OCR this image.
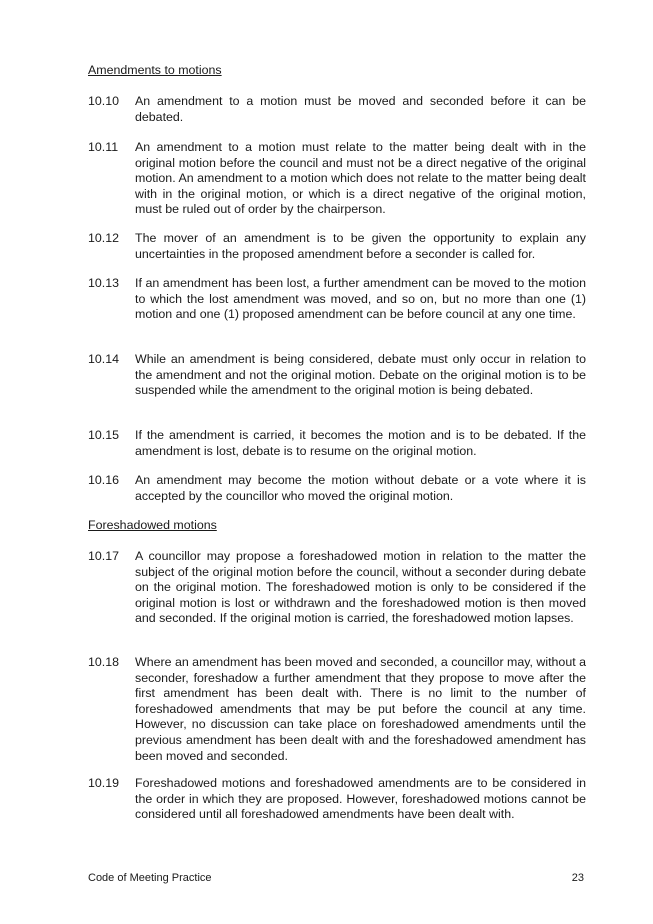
Amendments to motions
10.10	An amendment to a motion must be moved and seconded before it can be debated.
10.11	An amendment to a motion must relate to the matter being dealt with in the original motion before the council and must not be a direct negative of the original motion. An amendment to a motion which does not relate to the matter being dealt with in the original motion, or which is a direct negative of the original motion, must be ruled out of order by the chairperson.
10.12	The mover of an amendment is to be given the opportunity to explain any uncertainties in the proposed amendment before a seconder is called for.
10.13	If an amendment has been lost, a further amendment can be moved to the motion to which the lost amendment was moved, and so on, but no more than one (1) motion and one (1) proposed amendment can be before council at any one time.
10.14	While an amendment is being considered, debate must only occur in relation to the amendment and not the original motion. Debate on the original motion is to be suspended while the amendment to the original motion is being debated.
10.15	If the amendment is carried, it becomes the motion and is to be debated. If the amendment is lost, debate is to resume on the original motion.
10.16	An amendment may become the motion without debate or a vote where it is accepted by the councillor who moved the original motion.
Foreshadowed motions
10.17	A councillor may propose a foreshadowed motion in relation to the matter the subject of the original motion before the council, without a seconder during debate on the original motion. The foreshadowed motion is only to be considered if the original motion is lost or withdrawn and the foreshadowed motion is then moved and seconded. If the original motion is carried, the foreshadowed motion lapses.
10.18	Where an amendment has been moved and seconded, a councillor may, without a seconder, foreshadow a further amendment that they propose to move after the first amendment has been dealt with. There is no limit to the number of foreshadowed amendments that may be put before the council at any time. However, no discussion can take place on foreshadowed amendments until the previous amendment has been dealt with and the foreshadowed amendment has been moved and seconded.
10.19	Foreshadowed motions and foreshadowed amendments are to be considered in the order in which they are proposed. However, foreshadowed motions cannot be considered until all foreshadowed amendments have been dealt with.
Code of Meeting Practice	23
